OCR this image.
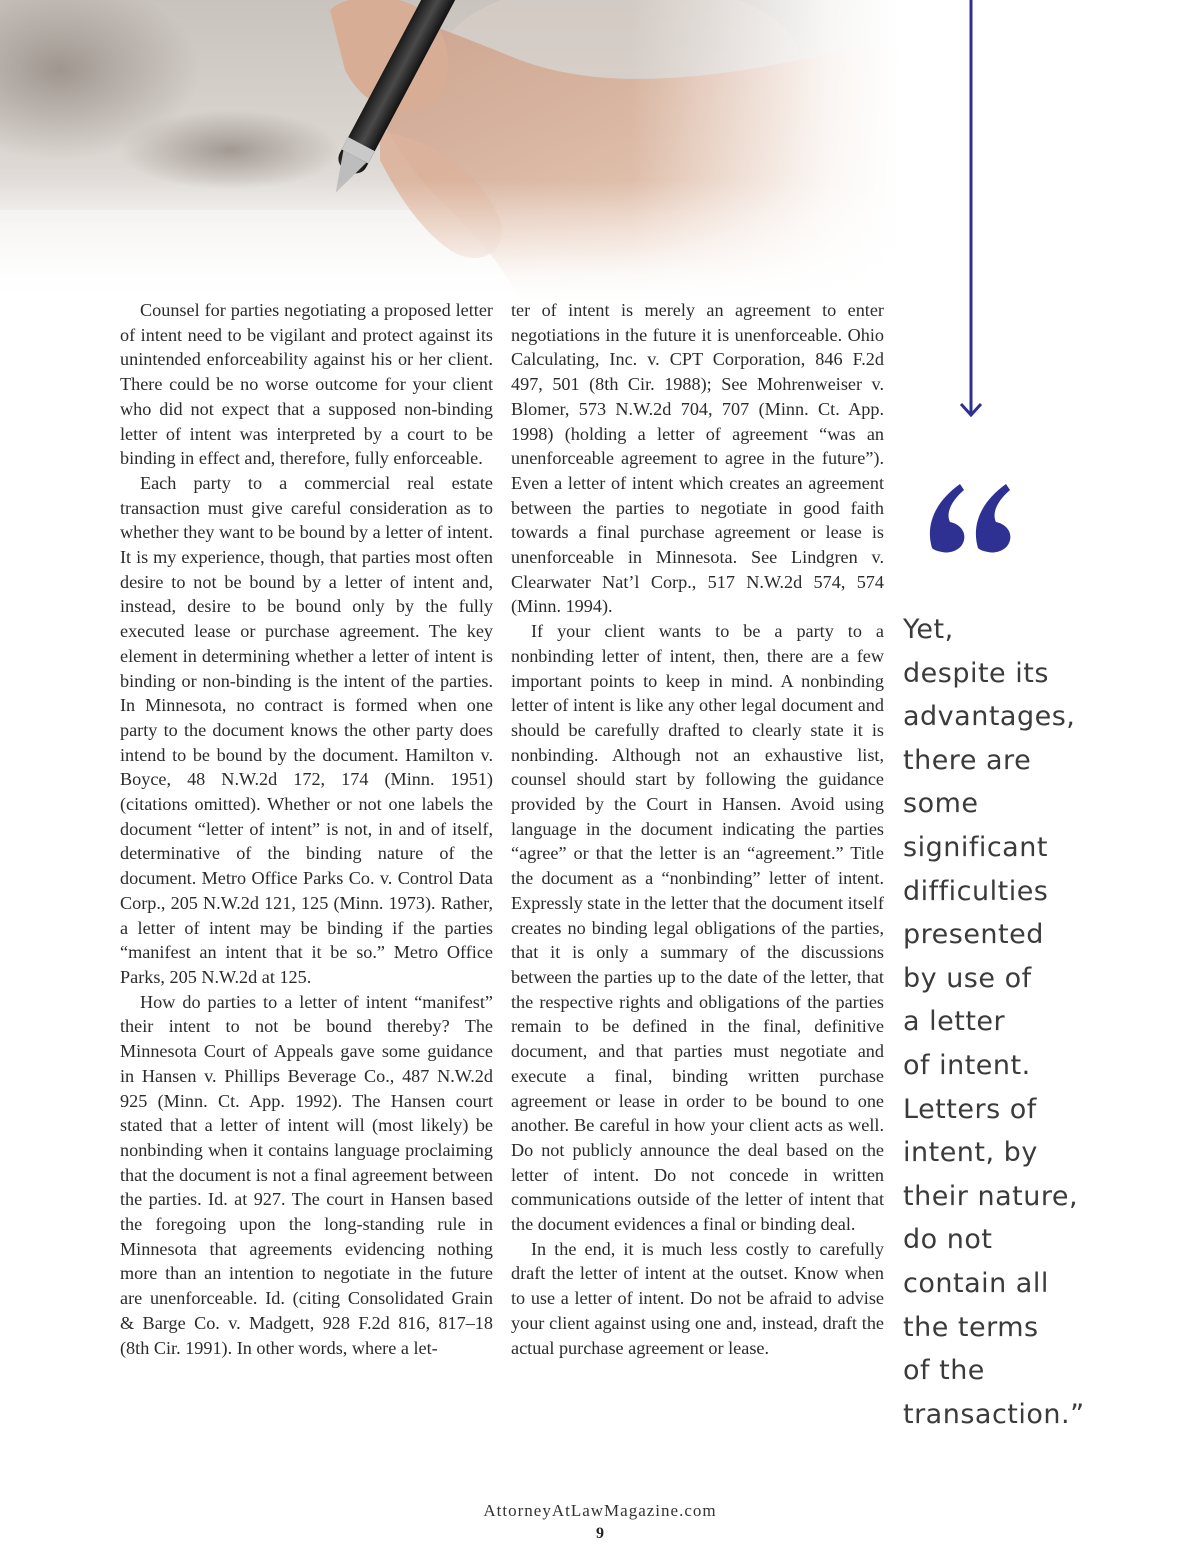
Counsel for parties negotiating a proposed letter of intent need to be vigilant and protect against its unintended enforceability against his or her client. There could be no worse outcome for your client who did not expect that a supposed non-binding letter of intent was interpreted by a court to be binding in effect and, therefore, fully enforceable.

Each party to a commercial real estate transaction must give careful consideration as to whether they want to be bound by a letter of intent. It is my experience, though, that parties most often desire to not be bound by a letter of intent and, instead, desire to be bound only by the fully executed lease or purchase agreement. The key element in determining whether a letter of intent is binding or non-binding is the intent of the parties. In Minnesota, no contract is formed when one party to the document knows the other party does intend to be bound by the document. Hamilton v. Boyce, 48 N.W.2d 172, 174 (Minn. 1951) (citations omitted). Whether or not one labels the document “letter of intent” is not, in and of itself, determinative of the binding nature of the document. Metro Office Parks Co. v. Control Data Corp., 205 N.W.2d 121, 125 (Minn. 1973). Rather, a letter of intent may be binding if the parties “manifest an intent that it be so.” Metro Office Parks, 205 N.W.2d at 125.

How do parties to a letter of intent “manifest” their intent to not be bound thereby? The Minnesota Court of Appeals gave some guidance in Hansen v. Phillips Beverage Co., 487 N.W.2d 925 (Minn. Ct. App. 1992). The Hansen court stated that a letter of intent will (most likely) be nonbinding when it contains language proclaiming that the document is not a final agreement between the parties. Id. at 927. The court in Hansen based the foregoing upon the long-standing rule in Minnesota that agreements evidencing nothing more than an intention to negotiate in the future are unenforceable. Id. (citing Consolidated Grain & Barge Co. v. Madgett, 928 F.2d 816, 817–18 (8th Cir. 1991). In other words, where a let-

ter of intent is merely an agreement to enter negotiations in the future it is unenforceable. Ohio Calculating, Inc. v. CPT Corporation, 846 F.2d 497, 501 (8th Cir. 1988); See Mohrenweiser v. Blomer, 573 N.W.2d 704, 707 (Minn. Ct. App. 1998) (holding a letter of agreement “was an unenforceable agreement to agree in the future”). Even a letter of intent which creates an agreement between the parties to negotiate in good faith towards a final purchase agreement or lease is unenforceable in Minnesota. See Lindgren v. Clearwater Nat’l Corp., 517 N.W.2d 574, 574 (Minn. 1994).

If your client wants to be a party to a nonbinding letter of intent, then, there are a few important points to keep in mind. A nonbinding letter of intent is like any other legal document and should be carefully drafted to clearly state it is nonbinding. Although not an exhaustive list, counsel should start by following the guidance provided by the Court in Hansen. Avoid using language in the document indicating the parties “agree” or that the letter is an “agreement.” Title the document as a “nonbinding” letter of intent. Expressly state in the letter that the document itself creates no binding legal obligations of the parties, that it is only a summary of the discussions between the parties up to the date of the letter, that the respective rights and obligations of the parties remain to be defined in the final, definitive document, and that parties must negotiate and execute a final, binding written purchase agreement or lease in order to be bound to one another. Be careful in how your client acts as well. Do not publicly announce the deal based on the letter of intent. Do not concede in written communications outside of the letter of intent that the document evidences a final or binding deal.

In the end, it is much less costly to carefully draft the letter of intent at the outset. Know when to use a letter of intent. Do not be afraid to advise your client against using one and, instead, draft the actual purchase agreement or lease.

Yet,
despite its
advantages,
there are
some
significant
difficulties
presented
by use of
a letter
of intent.
Letters of
intent, by
their nature,
do not
contain all
the terms
of the
transaction.”
AttorneyAtLawMagazine.com
9
